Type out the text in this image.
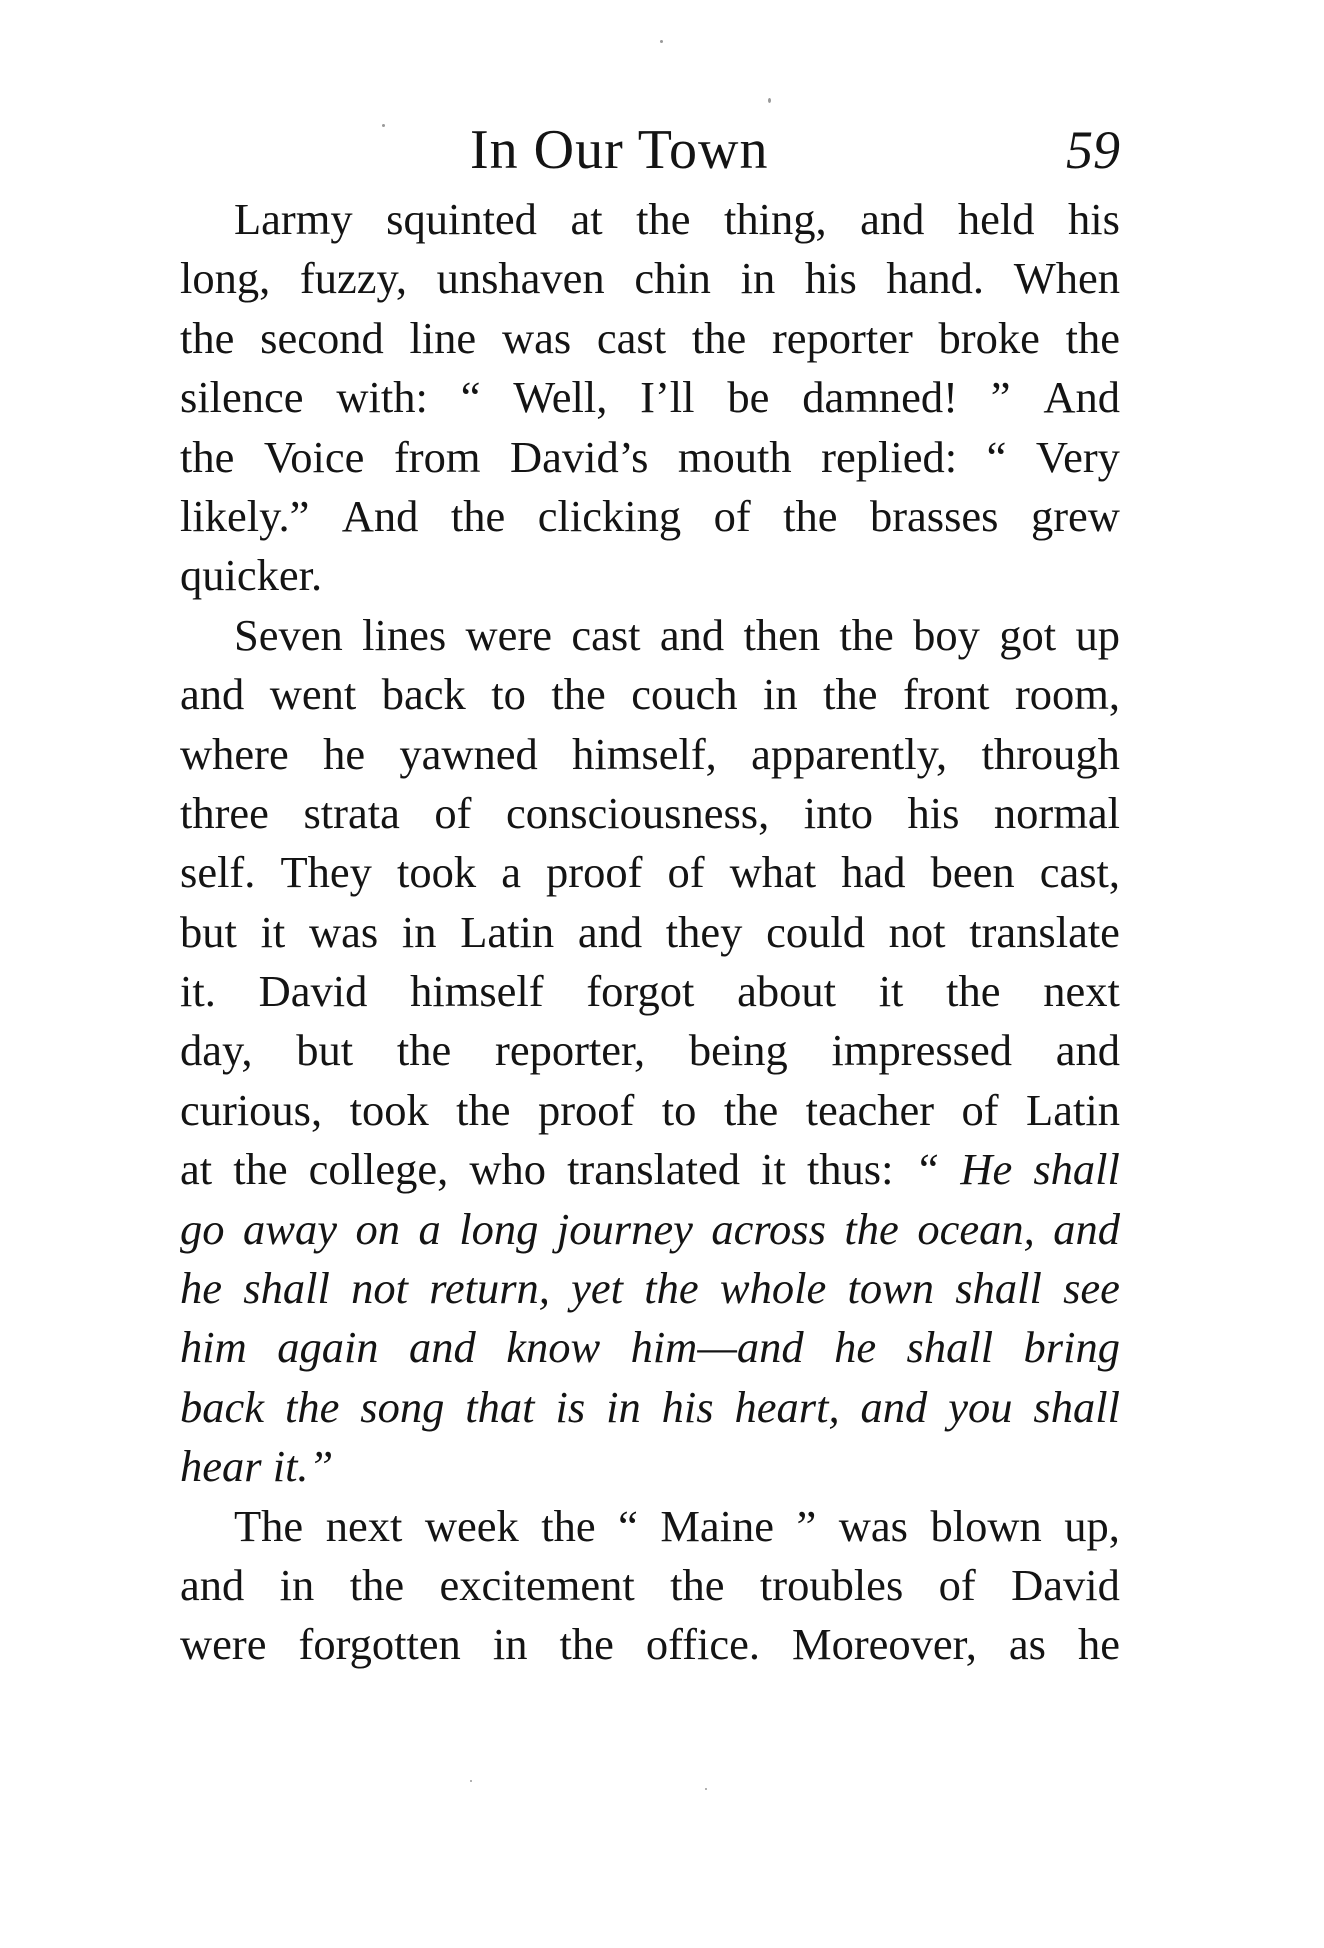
In Our Town	59
Larmy squinted at the thing, and held his
long, fuzzy, unshaven chin in his hand. When
the second line was cast the reporter broke the
silence with: “ Well, I’ll be damned! ” And
the Voice from David’s mouth replied: “ Very
likely.” And the clicking of the brasses grew
quicker.
Seven lines were cast and then the boy got up
and went back to the couch in the front room,
where he yawned himself, apparently, through
three strata of consciousness, into his normal
self. They took a proof of what had been cast,
but it was in Latin and they could not translate
it. David himself forgot about it the next
day, but the reporter, being impressed and
curious, took the proof to the teacher of Latin
at the college, who translated it thus: “ He shall
go away on a long journey across the ocean, and
he shall not return, yet the whole town shall see
him again and know him—and he shall bring
back the song that is in his heart, and you shall
hear it.”
The next week the “ Maine ” was blown up,
and in the excitement the troubles of David
were forgotten in the office. Moreover, as he
